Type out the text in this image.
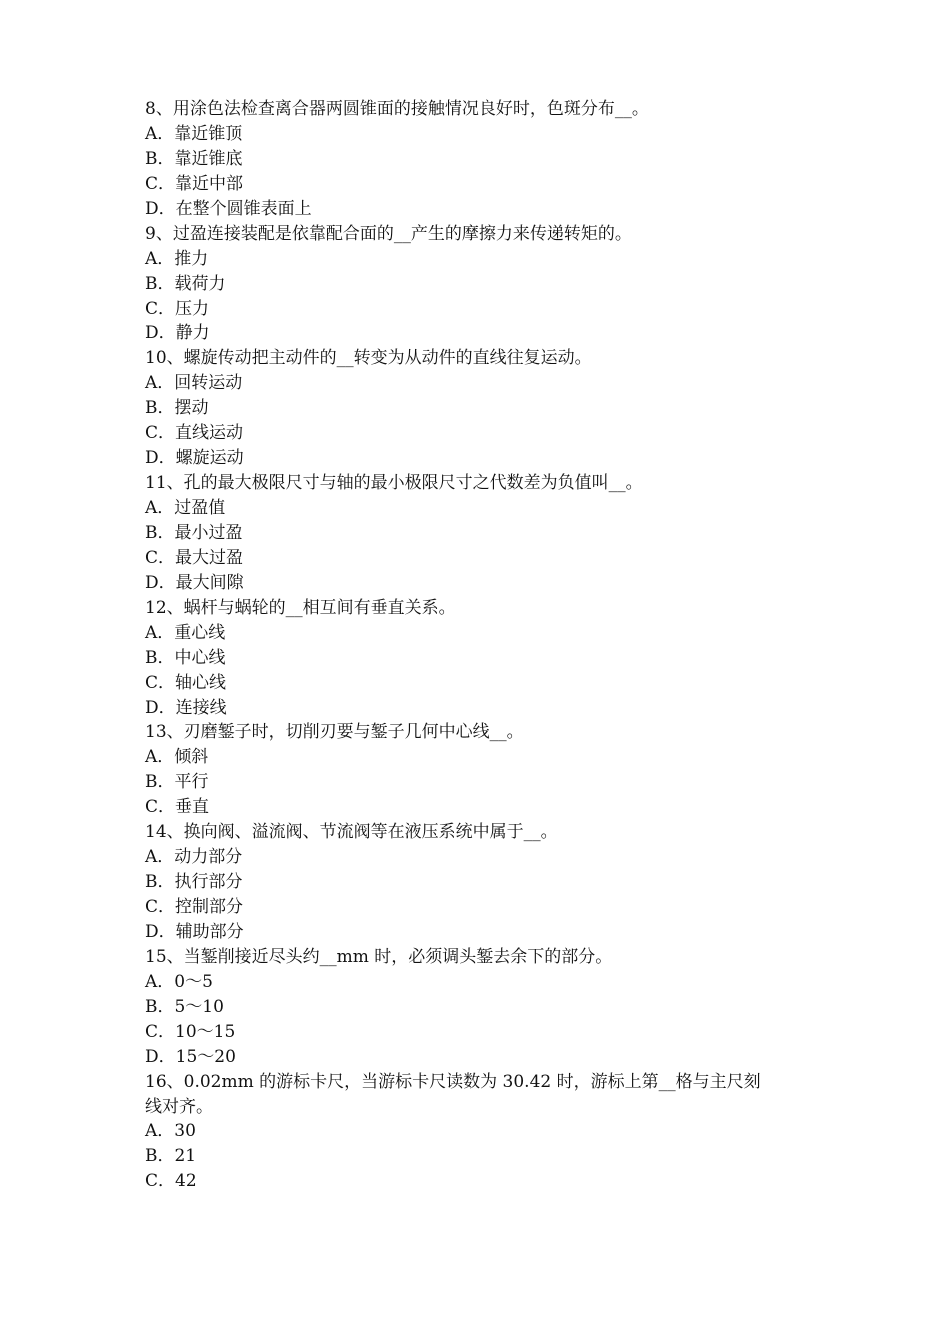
8、用涂色法检查离合器两圆锥面的接触情况良好时，色斑分布__。

A．靠近锥顶

B．靠近锥底

C．靠近中部

D．在整个圆锥表面上

9、过盈连接装配是依靠配合面的__产生的摩擦力来传递转矩的。

A．推力

B．载荷力

C．压力

D．静力

10、螺旋传动把主动件的__转变为从动件的直线往复运动。

A．回转运动

B．摆动

C．直线运动

D．螺旋运动

11、孔的最大极限尺寸与轴的最小极限尺寸之代数差为负值叫__。

A．过盈值

B．最小过盈

C．最大过盈

D．最大间隙

12、蜗杆与蜗轮的__相互间有垂直关系。

A．重心线

B．中心线

C．轴心线

D．连接线

13、刃磨錾子时，切削刃要与錾子几何中心线__。

A．倾斜

B．平行

C．垂直

14、换向阀、溢流阀、节流阀等在液压系统中属于__。

A．动力部分

B．执行部分

C．控制部分

D．辅助部分

15、当錾削接近尽头约__mm 时，必须调头錾去余下的部分。

A．0～5

B．5～10

C．10～15

D．15～20

16、0.02mm 的游标卡尺，当游标卡尺读数为 30.42 时，游标上第__格与主尺刻

线对齐。

A．30

B．21

C．42
